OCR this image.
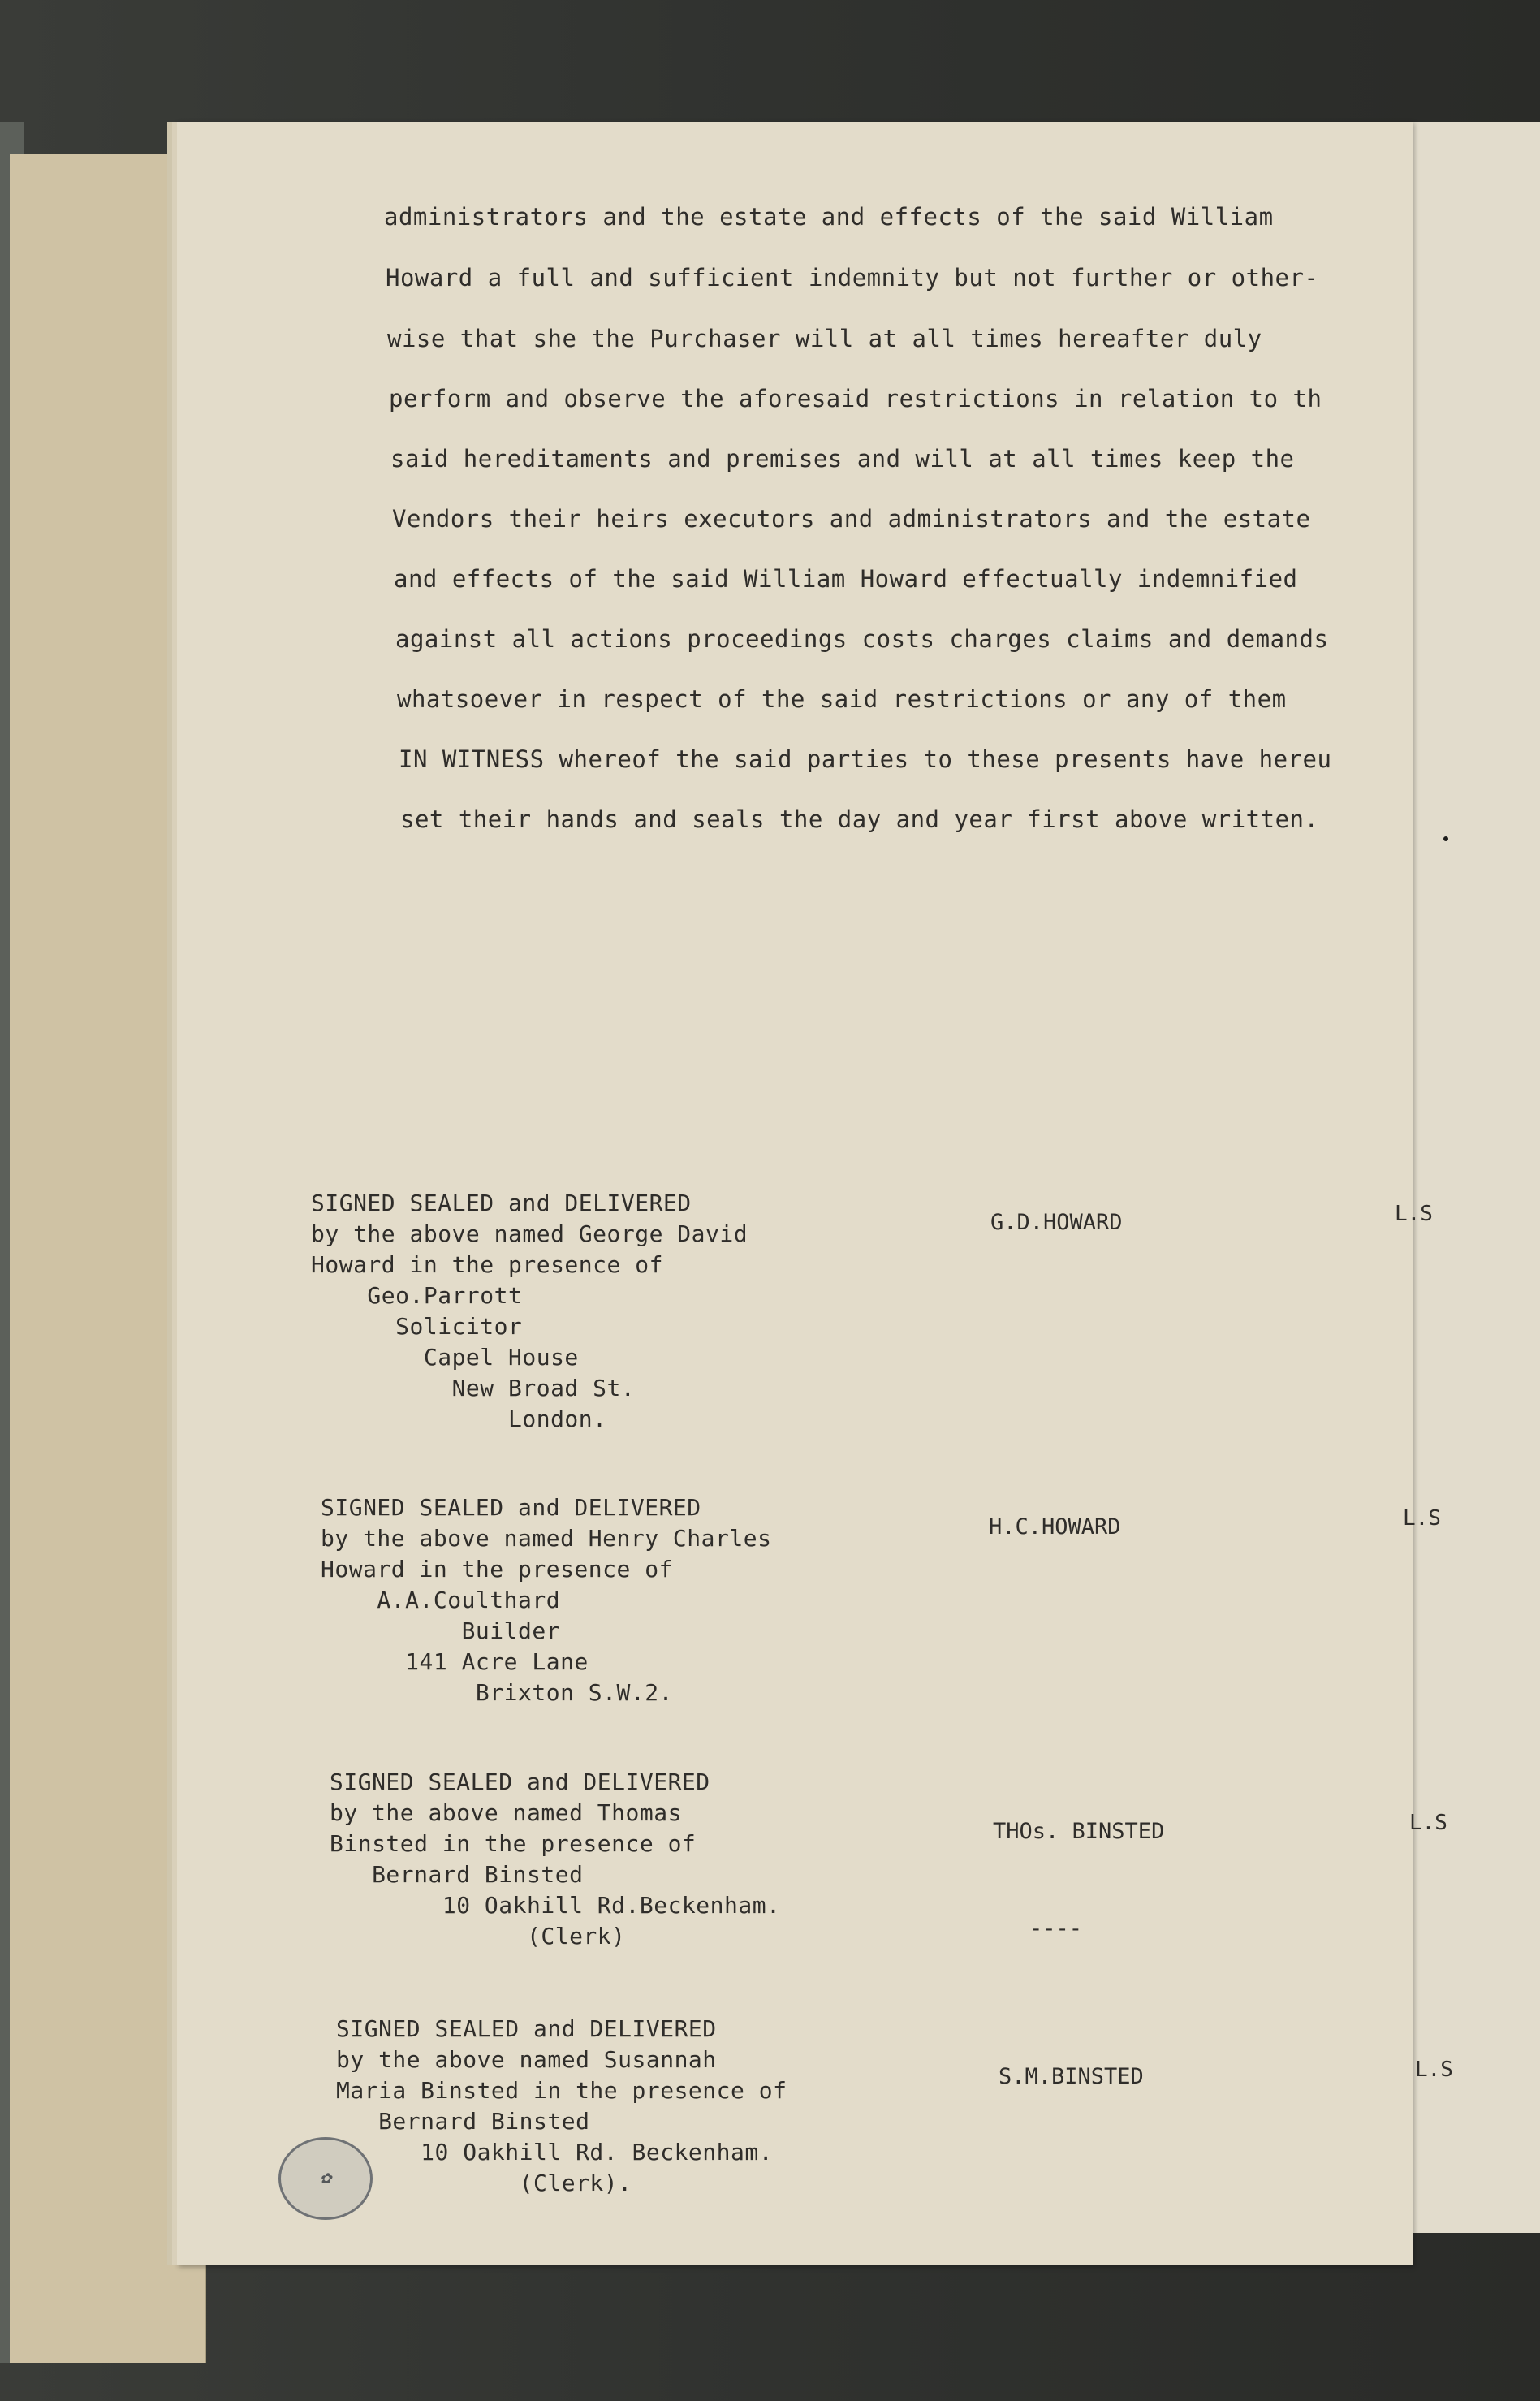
administrators and the estate and effects of the said William
Howard a full and sufficient indemnity but not further or other-
wise that she the Purchaser will at all times hereafter duly
perform and observe the aforesaid restrictions in relation to th
said hereditaments and premises and will at all times keep the
Vendors their heirs executors and administrators and the estate
and effects of the said William Howard effectually indemnified
against all actions proceedings costs charges claims and demands
whatsoever in respect of the said restrictions or any of them
IN WITNESS whereof the said parties to these presents have hereu
set their hands and seals the day and year first above written.
SIGNED SEALED and DELIVERED
by the above named George David
Howard in the presence of
Geo.Parrott
Solicitor
Capel House
New Broad St.
London.
G.D.HOWARD	L.S
SIGNED SEALED and DELIVERED
by the above named Henry Charles
Howard in the presence of
A.A.Coulthard
Builder
141 Acre Lane
Brixton S.W.2.
H.C.HOWARD	L.S
SIGNED SEALED and DELIVERED
by the above named Thomas
Binsted in the presence of
Bernard Binsted
10 Oakhill Rd.Beckenham.
(Clerk)
THOs. BINSTED
----
L.S
SIGNED SEALED and DELIVERED
by the above named Susannah
Maria Binsted in the presence of
Bernard Binsted
10 Oakhill Rd. Beckenham.
(Clerk).
S.M.BINSTED	L.S
✿
